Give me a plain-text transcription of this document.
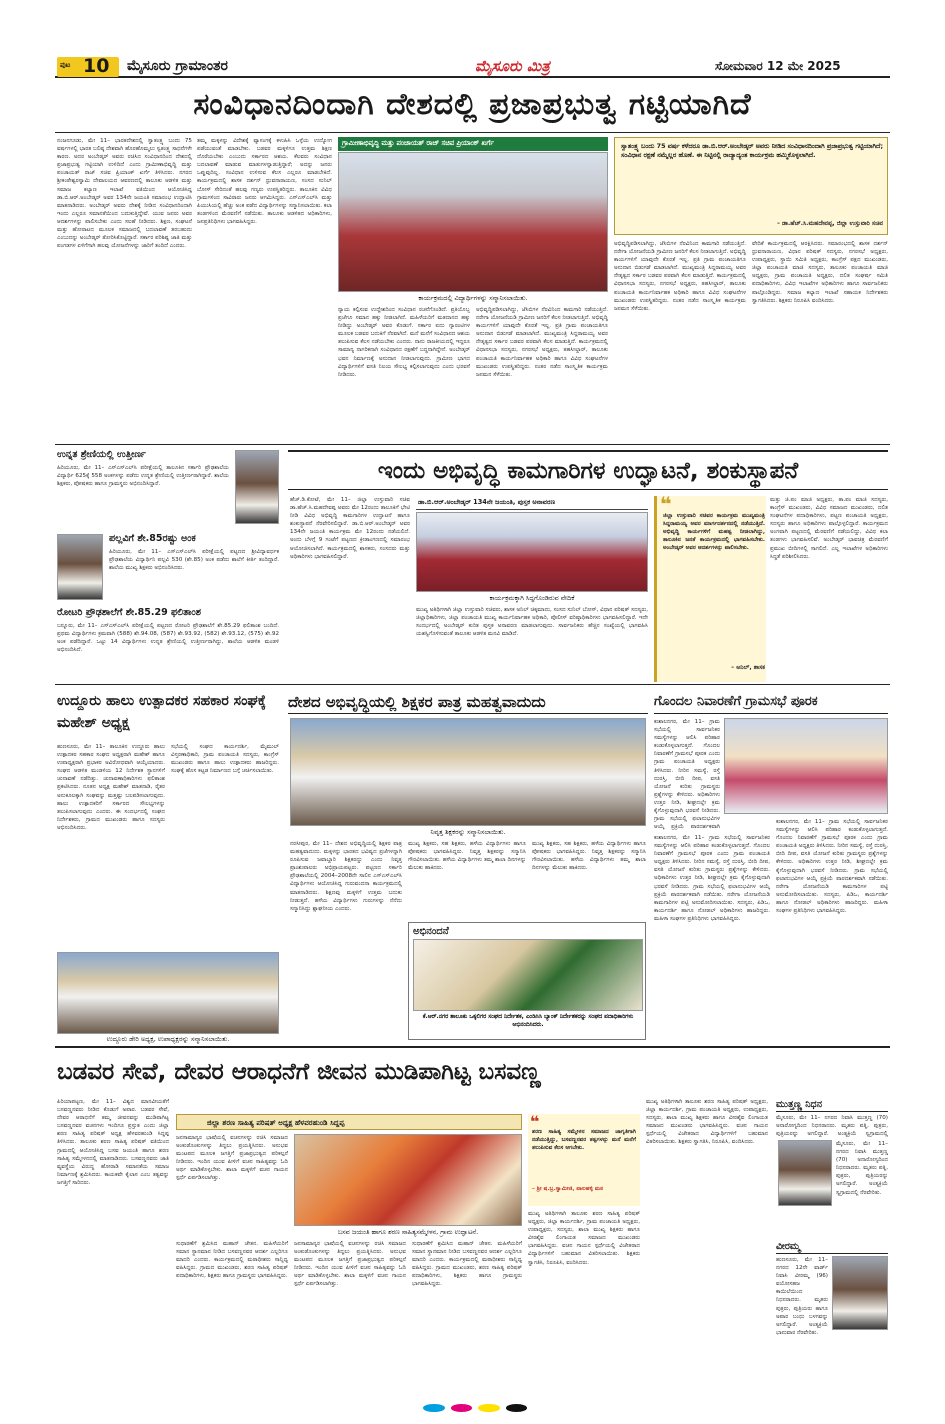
ಪುಟ 10 ಮೈಸೂರು ಗ್ರಾಮಾಂತರ	ಮೈಸೂರು ಮಿತ್ರ	ಸೋಮವಾರ 12 ಮೇ 2025
ಸಂವಿಧಾನದಿಂದಾಗಿ ದೇಶದಲ್ಲಿ ಪ್ರಜಾಪ್ರಭುತ್ವ ಗಟ್ಟಿಯಾಗಿದೆ
ನಂಜನಗೂಡು, ಮೇ 11– ಭಾರತದೇಶದಲ್ಲಿ ಸ್ವಾತಂತ್ರ್ಯ ಬಂದು 75 ವರ್ಷಗಳಲ್ಲಿ ಭಾರತ ಬಲಿಷ್ಠ ದೇಶವಾಗಿ ಹೊರಹೊಮ್ಮಲು ಸ್ವತಂತ್ರ್ಯ ಸಾಧನೆಗಳೇ ಕಾರಣ. ಅದರ ಅಂಬೇಡ್ಕರ್ ಅವರು ರಚಿಸಿದ ಸಂವಿಧಾನದಿಂದ ದೇಶದಲ್ಲಿ ಪ್ರಜಾಪ್ರಭುತ್ವ ಗಟ್ಟಿಯಾಗಿ ಉಳಿದಿದೆ ಎಂದು ಗ್ರಾಮೀಣಾಭಿವೃದ್ಧಿ ಮತ್ತು ಪಂಚಾಯತ್ ರಾಜ್ ಸಚಿವ ಪ್ರಿಯಾಂಕ್ ಖರ್ಗೆ ತಿಳಿಸಿದರು. ನಗರದ ಶ್ರೀಕಂಠೇಶ್ವರಸ್ವಾಮಿ ದೇವಾಲಯದ ಆವರಣದಲ್ಲಿ ತಾಲೂಕು ಆಡಳಿತ ಮತ್ತು ಸಮಾಜ ಕಲ್ಯಾಣ ಇಲಾಖೆ ವತಿಯಿಂದ ಆಯೋಜಿಸಿದ್ದ ಡಾ.ಬಿ.ಆರ್.ಅಂಬೇಡ್ಕರ್ ಅವರ 134ನೇ ಜಯಂತಿ ಸಮಾರಂಭ ಉದ್ಘಾಟಿಸಿ ಮಾತನಾಡಿದರು. ಅಂಬೇಡ್ಕರ್ ಅವರು ದೇಶಕ್ಕೆ ನೀಡಿದ ಸಂವಿಧಾನದಿಂದಾಗಿ ಇಂದು ಎಲ್ಲರೂ ಸಮಾನತೆಯಿಂದ ಬದುಕುತ್ತಿದ್ದೇವೆ. ಯುವ ಜನರು ಅವರ ಆದರ್ಶಗಳನ್ನು ಪಾಲಿಸಬೇಕು ಎಂದು ಸಲಹೆ ನೀಡಿದರು. ಶಿಕ್ಷಣ, ಸಂಘಟನೆ ಮತ್ತು ಹೋರಾಟದ ಮೂಲಕ ಸಮಾಜದಲ್ಲಿ ಬದಲಾವಣೆ ತರಬಹುದು ಎಂಬುದನ್ನು ಅಂಬೇಡ್ಕರ್ ತೋರಿಸಿಕೊಟ್ಟಿದ್ದಾರೆ. ಸರ್ಕಾರ ಪರಿಶಿಷ್ಟ ಜಾತಿ ಮತ್ತು ಪಂಗಡಗಳ ಏಳಿಗೆಗಾಗಿ ಹಲವು ಯೋಜನೆಗಳನ್ನು ಜಾರಿಗೆ ತಂದಿದೆ ಎಂದರು.
ತಮ್ಮ ಮಕ್ಕಳನ್ನು ವಿದೇಶಕ್ಕೆ ವ್ಯಾಸಂಗಕ್ಕೆ ಕಳುಹಿಸಿ ಒಳ್ಳೆಯ ಉದ್ಯೋಗ ಪಡೆಯುವಂತೆ ಮಾಡಬೇಕು. ಬಡವರ ಮಕ್ಕಳಿಗೂ ಉತ್ತಮ ಶಿಕ್ಷಣ ದೊರೆಯಬೇಕು ಎಂಬುದು ಸರ್ಕಾರದ ಆಶಯ. ಕೆಲವರು ಸಂವಿಧಾನ ಬದಲಾವಣೆ ಮಾಡುವ ಮಾತುಗಳನ್ನಾಡುತ್ತಿದ್ದಾರೆ; ಅದನ್ನು ಜನರು ಒಪ್ಪುವುದಿಲ್ಲ. ಸಂವಿಧಾನ ಉಳಿಸುವ ಕೆಲಸ ಎಲ್ಲರೂ ಮಾಡಬೇಕಿದೆ. ಕಾರ್ಯಕ್ರಮದಲ್ಲಿ ಶಾಸಕ ದರ್ಶನ್ ಧ್ರುವನಾರಾಯಣ, ಸಂಸದ ಸುನಿಲ್ ಬೋಸ್ ಸೇರಿದಂತೆ ಹಲವು ಗಣ್ಯರು ಉಪಸ್ಥಿತರಿದ್ದರು. ತಾಲೂಕಿನ ವಿವಿಧ ಗ್ರಾಮಗಳಿಂದ ಸಾವಿರಾರು ಜನರು ಆಗಮಿಸಿದ್ದರು. ಎಸ್ಎಸ್ಎಲ್‌ಸಿ ಮತ್ತು ಪಿಯುಸಿಯಲ್ಲಿ ಹೆಚ್ಚು ಅಂಕ ಪಡೆದ ವಿದ್ಯಾರ್ಥಿಗಳನ್ನು ಸನ್ಮಾನಿಸಲಾಯಿತು. ಕಲಾ ತಂಡಗಳಿಂದ ಮೆರವಣಿಗೆ ನಡೆಯಿತು. ತಾಲೂಕು ಆಡಳಿತದ ಅಧಿಕಾರಿಗಳು, ಜನಪ್ರತಿನಿಧಿಗಳು ಭಾಗವಹಿಸಿದ್ದರು.
ಗ್ರಾಮೀಣಾಭಿವೃದ್ಧಿ ಮತ್ತು ಪಂಚಾಯತ್ ರಾಜ್ ಸಚಿವ ಪ್ರಿಯಾಂಕ್ ಖರ್ಗೆ
ಕಾರ್ಯಕ್ರಮದಲ್ಲಿ ವಿದ್ಯಾರ್ಥಿಗಳನ್ನು ಸನ್ಮಾನಿಸಲಾಯಿತು.
ನ್ಯಾಯ ಕಲ್ಪಿಸುವ ಉದ್ದೇಶದಿಂದ ಸಂವಿಧಾನ ರಚನೆಗೊಂಡಿದೆ. ಪ್ರತಿಯೊಬ್ಬ ಪ್ರಜೆಗೂ ಸಮಾನ ಹಕ್ಕು ನೀಡಲಾಗಿದೆ. ಮಹಿಳೆಯರಿಗೆ ಮತದಾನದ ಹಕ್ಕು ನೀಡಿದ್ದು ಅಂಬೇಡ್ಕರ್ ಅವರ ಕೊಡುಗೆ. ಸರ್ಕಾರ ಐದು ಗ್ಯಾರಂಟಿಗಳ ಮೂಲಕ ಬಡವರ ಬದುಕಿಗೆ ನೆರವಾಗಿದೆ. ಮನೆ ಮನೆಗೆ ಸಂವಿಧಾನದ ಆಶಯ ತಲುಪಿಸುವ ಕೆಲಸ ನಡೆಯಬೇಕು ಎಂದರು. ನಾನು ರಾಜಕೀಯದಲ್ಲಿ ಇದ್ದರೂ ಸಾಮಾನ್ಯ ನಾಗರಿಕನಾಗಿ ಸಂವಿಧಾನದ ರಕ್ಷಣೆಗೆ ಬದ್ಧನಾಗಿದ್ದೇನೆ. ಅಂಬೇಡ್ಕರ್ ಭವನ ನಿರ್ಮಾಣಕ್ಕೆ ಅನುದಾನ ನೀಡಲಾಗುವುದು. ಗ್ರಾಮೀಣ ಭಾಗದ ವಿದ್ಯಾರ್ಥಿಗಳಿಗೆ ವಸತಿ ನಿಲಯ ಸೌಲಭ್ಯ ಕಲ್ಪಿಸಲಾಗುವುದು ಎಂದು ಭರವಸೆ ನೀಡಿದರು.
ಅಭಿವೃದ್ಧಿಪಡಿಸಲಾಗಿದ್ದು, ಜೆಸಿಬಿಗಳ ನೆರವಿನಿಂದ ಕಾಮಗಾರಿ ನಡೆಯುತ್ತಿದೆ. ನರೇಗಾ ಯೋಜನೆಯಡಿ ಗ್ರಾಮೀಣ ಜನರಿಗೆ ಕೆಲಸ ನೀಡಲಾಗುತ್ತಿದೆ. ಅಭಿವೃದ್ಧಿ ಕಾರ್ಯಗಳಿಗೆ ಯಾವುದೇ ಕೊರತೆ ಇಲ್ಲ. ಪ್ರತಿ ಗ್ರಾಮ ಪಂಚಾಯತಿಗೂ ಅನುದಾನ ಬಿಡುಗಡೆ ಮಾಡಲಾಗಿದೆ. ಮುಖ್ಯಮಂತ್ರಿ ಸಿದ್ದರಾಮಯ್ಯ ಅವರ ನೇತೃತ್ವದ ಸರ್ಕಾರ ಬಡವರ ಪರವಾಗಿ ಕೆಲಸ ಮಾಡುತ್ತಿದೆ. ಕಾರ್ಯಕ್ರಮದಲ್ಲಿ ವಿಧಾನಸಭಾ ಸದಸ್ಯರು, ನಗರಸಭೆ ಅಧ್ಯಕ್ಷರು, ತಹಸೀಲ್ದಾರ್, ತಾಲೂಕು ಪಂಚಾಯತಿ ಕಾರ್ಯನಿರ್ವಾಹಕ ಅಧಿಕಾರಿ ಹಾಗೂ ವಿವಿಧ ಸಂಘಟನೆಗಳ ಮುಖಂಡರು ಉಪಸ್ಥಿತರಿದ್ದರು. ನಂತರ ನಡೆದ ಸಾಂಸ್ಕೃತಿಕ ಕಾರ್ಯಕ್ರಮ ಜನಮನ ಸೆಳೆಯಿತು.
ಸ್ವಾತಂತ್ರ್ಯ ಬಂದು 75 ವರ್ಷ ಕಳೆದರೂ ಡಾ.ಬಿ.ಆರ್.ಅಂಬೇಡ್ಕರ್ ಅವರು ನೀಡಿದ ಸಂವಿಧಾನದಿಂದಾಗಿ ಪ್ರಜಾಪ್ರಭುತ್ವ ಗಟ್ಟಿಯಾಗಿದೆ; ಸಂವಿಧಾನ ರಕ್ಷಣೆ ನಮ್ಮೆಲ್ಲರ ಹೊಣೆ. ಈ ನಿಟ್ಟಿನಲ್ಲಿ ರಾಜ್ಯಾದ್ಯಂತ ಕಾರ್ಯಕ್ರಮ ಹಮ್ಮಿಕೊಳ್ಳಲಾಗಿದೆ.
– ಡಾ.ಹೆಚ್.ಸಿ.ಮಹದೇವಪ್ಪ, ಜಿಲ್ಲಾ ಉಸ್ತುವಾರಿ ಸಚಿವ
ಅಭಿವೃದ್ಧಿಪಡಿಸಲಾಗಿದ್ದು, ಜೆಸಿಬಿಗಳ ನೆರವಿನಿಂದ ಕಾಮಗಾರಿ ನಡೆಯುತ್ತಿದೆ. ನರೇಗಾ ಯೋಜನೆಯಡಿ ಗ್ರಾಮೀಣ ಜನರಿಗೆ ಕೆಲಸ ನೀಡಲಾಗುತ್ತಿದೆ. ಅಭಿವೃದ್ಧಿ ಕಾರ್ಯಗಳಿಗೆ ಯಾವುದೇ ಕೊರತೆ ಇಲ್ಲ. ಪ್ರತಿ ಗ್ರಾಮ ಪಂಚಾಯತಿಗೂ ಅನುದಾನ ಬಿಡುಗಡೆ ಮಾಡಲಾಗಿದೆ. ಮುಖ್ಯಮಂತ್ರಿ ಸಿದ್ದರಾಮಯ್ಯ ಅವರ ನೇತೃತ್ವದ ಸರ್ಕಾರ ಬಡವರ ಪರವಾಗಿ ಕೆಲಸ ಮಾಡುತ್ತಿದೆ. ಕಾರ್ಯಕ್ರಮದಲ್ಲಿ ವಿಧಾನಸಭಾ ಸದಸ್ಯರು, ನಗರಸಭೆ ಅಧ್ಯಕ್ಷರು, ತಹಸೀಲ್ದಾರ್, ತಾಲೂಕು ಪಂಚಾಯತಿ ಕಾರ್ಯನಿರ್ವಾಹಕ ಅಧಿಕಾರಿ ಹಾಗೂ ವಿವಿಧ ಸಂಘಟನೆಗಳ ಮುಖಂಡರು ಉಪಸ್ಥಿತರಿದ್ದರು. ನಂತರ ನಡೆದ ಸಾಂಸ್ಕೃತಿಕ ಕಾರ್ಯಕ್ರಮ ಜನಮನ ಸೆಳೆಯಿತು.
ವೇದಿಕೆ ಕಾರ್ಯಕ್ರಮದಲ್ಲಿ ಆರಕ್ಷಿಸಿದರು. ಸಮಾರಂಭದಲ್ಲಿ ಶಾಸಕ ದರ್ಶನ್ ಧ್ರುವನಾರಾಯಣ, ವಿಧಾನ ಪರಿಷತ್ ಸದಸ್ಯರು, ನಗರಸಭೆ ಅಧ್ಯಕ್ಷರು, ಉಪಾಧ್ಯಕ್ಷರು, ಸ್ಥಾಯಿ ಸಮಿತಿ ಅಧ್ಯಕ್ಷರು, ಕಾಂಗ್ರೆಸ್ ಪಕ್ಷದ ಮುಖಂಡರು, ಜಿಲ್ಲಾ ಪಂಚಾಯತಿ ಮಾಜಿ ಸದಸ್ಯರು, ತಾಲೂಕು ಪಂಚಾಯತಿ ಮಾಜಿ ಅಧ್ಯಕ್ಷರು, ಗ್ರಾಮ ಪಂಚಾಯತಿ ಅಧ್ಯಕ್ಷರು, ದಲಿತ ಸಂಘರ್ಷ ಸಮಿತಿ ಪದಾಧಿಕಾರಿಗಳು, ವಿವಿಧ ಇಲಾಖೆಗಳ ಅಧಿಕಾರಿಗಳು ಹಾಗೂ ಸಾರ್ವಜನಿಕರು ಪಾಲ್ಗೊಂಡಿದ್ದರು. ಸಮಾಜ ಕಲ್ಯಾಣ ಇಲಾಖೆ ಸಹಾಯಕ ನಿರ್ದೇಶಕರು ಸ್ವಾಗತಿಸಿದರು. ಶಿಕ್ಷಕರು ನಿರೂಪಿಸಿ ವಂದಿಸಿದರು.
ಉನ್ನತ ಶ್ರೇಣಿಯಲ್ಲಿ ಉತ್ತೀರ್ಣ
ಹಿರಿಯೂರು, ಮೇ 11– ಎಸ್ಎಸ್ಎಲ್‌ಸಿ ಪರೀಕ್ಷೆಯಲ್ಲಿ ತಾಲೂಕಿನ ಸರ್ಕಾರಿ ಪ್ರೌಢಶಾಲೆಯ ವಿದ್ಯಾರ್ಥಿ 625ಕ್ಕೆ 558 ಅಂಕಗಳನ್ನು ಪಡೆದು ಉನ್ನತ ಶ್ರೇಣಿಯಲ್ಲಿ ಉತ್ತೀರ್ಣರಾಗಿದ್ದಾರೆ. ಶಾಲೆಯ ಶಿಕ್ಷಕರು, ಪೋಷಕರು ಹಾಗೂ ಗ್ರಾಮಸ್ಥರು ಅಭಿನಂದಿಸಿದ್ದಾರೆ.
ಪಲ್ಲವಿಗೆ ಶೇ.85ರಷ್ಟು ಅಂಕ
ಹಿರಿಯೂರು, ಮೇ 11– ಎಸ್ಎಸ್ಎಲ್‌ಸಿ ಪರೀಕ್ಷೆಯಲ್ಲಿ ಪಟ್ಟಣದ ಶ್ರೀವಿದ್ಯಾವರ್ಧಕ ಪ್ರೌಢಶಾಲೆಯ ವಿದ್ಯಾರ್ಥಿನಿ ಪಲ್ಲವಿ 530 (ಶೇ.85) ಅಂಕ ಪಡೆದು ಶಾಲೆಗೆ ಕೀರ್ತಿ ತಂದಿದ್ದಾರೆ. ಶಾಲೆಯ ಮುಖ್ಯ ಶಿಕ್ಷಕರು ಅಭಿನಂದಿಸಿದರು.
ರೋಟರಿ ಪ್ರೌಢಶಾಲೆಗೆ ಶೇ.85.29 ಫಲಿತಾಂಶ
ಬನ್ನೂರು, ಮೇ 11– ಎಸ್ಎಸ್ಎಲ್‌ಸಿ ಪರೀಕ್ಷೆಯಲ್ಲಿ ಪಟ್ಟಣದ ರೋಟರಿ ಪ್ರೌಢಶಾಲೆಗೆ ಶೇ.85.29 ಫಲಿತಾಂಶ ಬಂದಿದೆ. ಪ್ರಥಮ ವಿದ್ಯಾರ್ಥಿಗಳು ಕ್ರಮವಾಗಿ (588) ಶೇ.94.08, (587) ಶೇ.93.92, (582) ಶೇ.93.12, (575) ಶೇ.92 ಅಂಕ ಪಡೆದಿದ್ದಾರೆ. ಒಟ್ಟು 14 ವಿದ್ಯಾರ್ಥಿಗಳು ಉನ್ನತ ಶ್ರೇಣಿಯಲ್ಲಿ ಉತ್ತೀರ್ಣರಾಗಿದ್ದು, ಶಾಲೆಯ ಆಡಳಿತ ಮಂಡಳಿ ಅಭಿನಂದಿಸಿದೆ.
ಇಂದು ಅಭಿವೃದ್ಧಿ ಕಾಮಗಾರಿಗಳ ಉದ್ಘಾಟನೆ, ಶಂಕುಸ್ಥಾಪನೆ
ಹೆಚ್.ಡಿ.ಕೋಟೆ, ಮೇ 11– ಜಿಲ್ಲಾ ಉಸ್ತುವಾರಿ ಸಚಿವ ಡಾ.ಹೆಚ್.ಸಿ.ಮಹದೇವಪ್ಪ ಅವರು ಮೇ 12ರಂದು ತಾಲೂಕಿಗೆ ಭೇಟಿ ನೀಡಿ ವಿವಿಧ ಅಭಿವೃದ್ಧಿ ಕಾಮಗಾರಿಗಳ ಉದ್ಘಾಟನೆ ಹಾಗೂ ಶಂಕುಸ್ಥಾಪನೆ ನೆರವೇರಿಸಲಿದ್ದಾರೆ. ಡಾ.ಬಿ.ಆರ್.ಅಂಬೇಡ್ಕರ್ ಅವರ 134ನೇ ಜಯಂತಿ ಕಾರ್ಯಕ್ರಮ ಮೇ 12ರಂದು ನಡೆಯಲಿದೆ. ಅಂದು ಬೆಳಗ್ಗೆ 9 ಗಂಟೆಗೆ ಪಟ್ಟಣದ ಕ್ರೀಡಾಂಗಣದಲ್ಲಿ ಸಮಾರಂಭ ಆಯೋಜಿಸಲಾಗಿದೆ. ಕಾರ್ಯಕ್ರಮದಲ್ಲಿ ಶಾಸಕರು, ಸಂಸದರು ಮತ್ತು ಅಧಿಕಾರಿಗಳು ಭಾಗವಹಿಸಲಿದ್ದಾರೆ.
ಡಾ.ಬಿ.ಆರ್.ಅಂಬೇಡ್ಕರ್ 134ನೇ ಜಯಂತಿ, ಪುಸ್ತಕ ಅನಾವರಣ
ಕಾರ್ಯಕ್ರಮಕ್ಕಾಗಿ ಸಿದ್ಧಗೊಂಡಿರುವ ವೇದಿಕೆ
ಮುಖ್ಯ ಅತಿಥಿಗಳಾಗಿ ಜಿಲ್ಲಾ ಉಸ್ತುವಾರಿ ಸಚಿವರು, ಶಾಸಕ ಅನಿಲ್ ಚಿಕ್ಕಮಾದು, ಸಂಸದ ಸುನಿಲ್ ಬೋಸ್, ವಿಧಾನ ಪರಿಷತ್ ಸದಸ್ಯರು, ಜಿಲ್ಲಾಧಿಕಾರಿಗಳು, ಜಿಲ್ಲಾ ಪಂಚಾಯತಿ ಮುಖ್ಯ ಕಾರ್ಯನಿರ್ವಾಹಕ ಅಧಿಕಾರಿ, ಪೊಲೀಸ್ ವರಿಷ್ಠಾಧಿಕಾರಿಗಳು ಭಾಗವಹಿಸಲಿದ್ದಾರೆ. ಇದೇ ಸಂದರ್ಭದಲ್ಲಿ ಅಂಬೇಡ್ಕರ್ ಕುರಿತ ಪುಸ್ತಕ ಅನಾವರಣ ಮಾಡಲಾಗುವುದು. ಸಾರ್ವಜನಿಕರು ಹೆಚ್ಚಿನ ಸಂಖ್ಯೆಯಲ್ಲಿ ಭಾಗವಹಿಸಿ ಯಶಸ್ವಿಗೊಳಿಸುವಂತೆ ತಾಲೂಕು ಆಡಳಿತ ಮನವಿ ಮಾಡಿದೆ.
❝
ಜಿಲ್ಲಾ ಉಸ್ತುವಾರಿ ಸಚಿವರ ಕಾರ್ಯಕ್ರಮ ಮುಖ್ಯಮಂತ್ರಿ ಸಿದ್ದರಾಮಯ್ಯ ಅವರ ಮಾರ್ಗದರ್ಶನದಲ್ಲಿ ನಡೆಯುತ್ತಿದೆ. ಅಭಿವೃದ್ಧಿ ಕಾರ್ಯಗಳಿಗೆ ಮಹತ್ವ ನೀಡಲಾಗಿದ್ದು, ತಾಲೂಕಿನ ಜನತೆ ಕಾರ್ಯಕ್ರಮದಲ್ಲಿ ಭಾಗವಹಿಸಬೇಕು. ಅಂಬೇಡ್ಕರ್ ಅವರ ಆದರ್ಶಗಳನ್ನು ಪಾಲಿಸಬೇಕು.
– ಅನಿಲ್, ಶಾಸಕ
ಮತ್ತು ಜಿ.ಪಂ ಮಾಜಿ ಅಧ್ಯಕ್ಷರು, ತಾ.ಪಂ ಮಾಜಿ ಸದಸ್ಯರು, ಕಾಂಗ್ರೆಸ್ ಮುಖಂಡರು, ವಿವಿಧ ಸಮಾಜದ ಮುಖಂಡರು, ದಲಿತ ಸಂಘಟನೆಗಳ ಪದಾಧಿಕಾರಿಗಳು, ಪಟ್ಟಣ ಪಂಚಾಯತಿ ಅಧ್ಯಕ್ಷರು, ಸದಸ್ಯರು ಹಾಗೂ ಅಧಿಕಾರಿಗಳು ಪಾಲ್ಗೊಳ್ಳಲಿದ್ದಾರೆ. ಕಾರ್ಯಕ್ರಮದ ಅಂಗವಾಗಿ ಪಟ್ಟಣದಲ್ಲಿ ಮೆರವಣಿಗೆ ನಡೆಯಲಿದ್ದು, ವಿವಿಧ ಕಲಾ ತಂಡಗಳು ಭಾಗವಹಿಸಲಿವೆ. ಅಂಬೇಡ್ಕರ್ ಭಾವಚಿತ್ರ ಮೆರವಣಿಗೆ ಪ್ರಮುಖ ಬೀದಿಗಳಲ್ಲಿ ಸಾಗಲಿದೆ. ಎಲ್ಲ ಇಲಾಖೆಗಳ ಅಧಿಕಾರಿಗಳು ಸಿದ್ಧತೆ ಪರಿಶೀಲಿಸಿದರು.
ಉದ್ದೂರು ಹಾಲು ಉತ್ಪಾದಕರ ಸಹಕಾರ ಸಂಘಕ್ಕೆ ಮಹೇಶ್ ಅಧ್ಯಕ್ಷ
ಹುಣಸೂರು, ಮೇ 11– ತಾಲೂಕಿನ ಉದ್ದೂರು ಹಾಲು ಉತ್ಪಾದಕರ ಸಹಕಾರ ಸಂಘದ ಅಧ್ಯಕ್ಷರಾಗಿ ಮಹೇಶ್ ಹಾಗೂ ಉಪಾಧ್ಯಕ್ಷರಾಗಿ ಪ್ರಭಾಕರ ಅವಿರೋಧವಾಗಿ ಆಯ್ಕೆಯಾದರು. ಸಂಘದ ಆಡಳಿತ ಮಂಡಳಿಯ 12 ನಿರ್ದೇಶಕ ಸ್ಥಾನಗಳಿಗೆ ಚುನಾವಣೆ ನಡೆದಿತ್ತು. ಚುನಾವಣಾಧಿಕಾರಿಗಳು ಫಲಿತಾಂಶ ಪ್ರಕಟಿಸಿದರು. ನೂತನ ಅಧ್ಯಕ್ಷ ಮಹೇಶ್ ಮಾತನಾಡಿ, ರೈತರ ಅನುಕೂಲಕ್ಕಾಗಿ ಸಂಘವನ್ನು ಮತ್ತಷ್ಟು ಬಲಪಡಿಸಲಾಗುವುದು. ಹಾಲು ಉತ್ಪಾದಕರಿಗೆ ಸರ್ಕಾರದ ಸೌಲಭ್ಯಗಳನ್ನು ತಲುಪಿಸಲಾಗುವುದು ಎಂದರು. ಈ ಸಂದರ್ಭದಲ್ಲಿ ಸಂಘದ ನಿರ್ದೇಶಕರು, ಗ್ರಾಮದ ಮುಖಂಡರು ಹಾಗೂ ಸದಸ್ಯರು ಅಭಿನಂದಿಸಿದರು.
ಸಭೆಯಲ್ಲಿ ಸಂಘದ ಕಾರ್ಯದರ್ಶಿ, ಮೈಮುಲ್ ವಿಸ್ತರಣಾಧಿಕಾರಿ, ಗ್ರಾಮ ಪಂಚಾಯತಿ ಸದಸ್ಯರು, ಕಾಂಗ್ರೆಸ್ ಮುಖಂಡರು ಹಾಗೂ ಹಾಲು ಉತ್ಪಾದಕರು ಹಾಜರಿದ್ದರು. ಸಂಘಕ್ಕೆ ಹೊಸ ಕಟ್ಟಡ ನಿರ್ಮಾಣದ ಬಗ್ಗೆ ಚರ್ಚಿಸಲಾಯಿತು.
ಉದ್ದೂರು ಡೇರಿ ಅಧ್ಯಕ್ಷ, ಉಪಾಧ್ಯಕ್ಷರನ್ನು ಸನ್ಮಾನಿಸಲಾಯಿತು.
ದೇಶದ ಅಭಿವೃದ್ಧಿಯಲ್ಲಿ ಶಿಕ್ಷಕರ ಪಾತ್ರ ಮಹತ್ವವಾದುದು
ನಿವೃತ್ತ ಶಿಕ್ಷಕರನ್ನು ಸನ್ಮಾನಿಸಲಾಯಿತು.
ನರಸೀಪುರ, ಮೇ 11– ದೇಶದ ಅಭಿವೃದ್ಧಿಯಲ್ಲಿ ಶಿಕ್ಷಕರ ಪಾತ್ರ ಮಹತ್ವವಾದುದು. ಮಕ್ಕಳನ್ನು ಭಾರತದ ಭವಿಷ್ಯದ ಪ್ರಜೆಗಳನ್ನಾಗಿ ರೂಪಿಸುವ ಜವಾಬ್ದಾರಿ ಶಿಕ್ಷಕರದ್ದು ಎಂದು ನಿವೃತ್ತ ಪ್ರಾಂಶುಪಾಲರು ಅಭಿಪ್ರಾಯಪಟ್ಟರು. ಪಟ್ಟಣದ ಸರ್ಕಾರಿ ಪ್ರೌಢಶಾಲೆಯಲ್ಲಿ 2004–2008ನೇ ಸಾಲಿನ ಎಸ್ಎಸ್ಎಲ್‌ಸಿ ವಿದ್ಯಾರ್ಥಿಗಳು ಆಯೋಜಿಸಿದ್ದ ಗುರುವಂದನಾ ಕಾರ್ಯಕ್ರಮದಲ್ಲಿ ಮಾತನಾಡಿದರು. ಶಿಕ್ಷಣವು ಮಕ್ಕಳಿಗೆ ಉತ್ತಮ ಬದುಕು ನೀಡುತ್ತದೆ. ಹಳೆಯ ವಿದ್ಯಾರ್ಥಿಗಳು ಗುರುಗಳನ್ನು ನೆನೆದು ಸನ್ಮಾನಿಸಿದ್ದು ಶ್ಲಾಘನೀಯ ಎಂದರು.
ಮುಖ್ಯ ಶಿಕ್ಷಕರು, ಸಹ ಶಿಕ್ಷಕರು, ಹಳೆಯ ವಿದ್ಯಾರ್ಥಿಗಳು ಹಾಗೂ ಪೋಷಕರು ಭಾಗವಹಿಸಿದ್ದರು. ನಿವೃತ್ತ ಶಿಕ್ಷಕರನ್ನು ಸನ್ಮಾನಿಸಿ ಗೌರವಿಸಲಾಯಿತು. ಹಳೆಯ ವಿದ್ಯಾರ್ಥಿಗಳು ತಮ್ಮ ಶಾಲಾ ದಿನಗಳನ್ನು ಮೆಲುಕು ಹಾಕಿದರು.
ಮುಖ್ಯ ಶಿಕ್ಷಕರು, ಸಹ ಶಿಕ್ಷಕರು, ಹಳೆಯ ವಿದ್ಯಾರ್ಥಿಗಳು ಹಾಗೂ ಪೋಷಕರು ಭಾಗವಹಿಸಿದ್ದರು. ನಿವೃತ್ತ ಶಿಕ್ಷಕರನ್ನು ಸನ್ಮಾನಿಸಿ ಗೌರವಿಸಲಾಯಿತು. ಹಳೆಯ ವಿದ್ಯಾರ್ಥಿಗಳು ತಮ್ಮ ಶಾಲಾ ದಿನಗಳನ್ನು ಮೆಲುಕು ಹಾಕಿದರು.
ಅಭಿನಂದನೆ
ಕೆ.ಆರ್.ನಗರ ತಾಲೂಕು ಒಕ್ಕಲಿಗರ ಸಂಘದ ನಿರ್ದೇಶಕ, ಎಂಡಿಸಿಸಿ ಬ್ಯಾಂಕ್ ನಿರ್ದೇಶಕರನ್ನು ಸಂಘದ ಪದಾಧಿಕಾರಿಗಳು ಅಭಿನಂದಿಸಿದರು.
ಗೊಂದಲ ನಿವಾರಣೆಗೆ ಗ್ರಾಮಸಭೆ ಪೂರಕ
ಕುಶಾಲನಗರ, ಮೇ 11– ಗ್ರಾಮ ಸಭೆಯಲ್ಲಿ ಸಾರ್ವಜನಿಕರ ಸಮಸ್ಯೆಗಳನ್ನು ಆಲಿಸಿ ಪರಿಹಾರ ಕಂಡುಕೊಳ್ಳಲಾಗುತ್ತದೆ. ಗೊಂದಲ ನಿವಾರಣೆಗೆ ಗ್ರಾಮಸಭೆ ಪೂರಕ ಎಂದು ಗ್ರಾಮ ಪಂಚಾಯತಿ ಅಧ್ಯಕ್ಷರು ತಿಳಿಸಿದರು. ನೀರಿನ ಸಮಸ್ಯೆ, ರಸ್ತೆ ದುರಸ್ತಿ, ಬೀದಿ ದೀಪ, ವಸತಿ ಯೋಜನೆ ಕುರಿತು ಗ್ರಾಮಸ್ಥರು ಪ್ರಶ್ನೆಗಳನ್ನು ಕೇಳಿದರು. ಅಧಿಕಾರಿಗಳು ಉತ್ತರ ನೀಡಿ, ಶೀಘ್ರದಲ್ಲೇ ಕ್ರಮ ಕೈಗೊಳ್ಳುವುದಾಗಿ ಭರವಸೆ ನೀಡಿದರು. ಗ್ರಾಮ ಸಭೆಯಲ್ಲಿ ಫಲಾನುಭವಿಗಳ ಆಯ್ಕೆ ಪ್ರಕ್ರಿಯೆ ಪಾರದರ್ಶಕವಾಗಿ
ಕುಶಾಲನಗರ, ಮೇ 11– ಗ್ರಾಮ ಸಭೆಯಲ್ಲಿ ಸಾರ್ವಜನಿಕರ ಸಮಸ್ಯೆಗಳನ್ನು ಆಲಿಸಿ ಪರಿಹಾರ ಕಂಡುಕೊಳ್ಳಲಾಗುತ್ತದೆ. ಗೊಂದಲ ನಿವಾರಣೆಗೆ ಗ್ರಾಮಸಭೆ ಪೂರಕ ಎಂದು ಗ್ರಾಮ ಪಂಚಾಯತಿ ಅಧ್ಯಕ್ಷರು ತಿಳಿಸಿದರು. ನೀರಿನ ಸಮಸ್ಯೆ, ರಸ್ತೆ ದುರಸ್ತಿ, ಬೀದಿ ದೀಪ, ವಸತಿ ಯೋಜನೆ ಕುರಿತು ಗ್ರಾಮಸ್ಥರು ಪ್ರಶ್ನೆಗಳನ್ನು ಕೇಳಿದರು. ಅಧಿಕಾರಿಗಳು ಉತ್ತರ ನೀಡಿ, ಶೀಘ್ರದಲ್ಲೇ ಕ್ರಮ ಕೈಗೊಳ್ಳುವುದಾಗಿ ಭರವಸೆ ನೀಡಿದರು. ಗ್ರಾಮ ಸಭೆಯಲ್ಲಿ ಫಲಾನುಭವಿಗಳ ಆಯ್ಕೆ ಪ್ರಕ್ರಿಯೆ ಪಾರದರ್ಶಕವಾಗಿ ನಡೆಯಿತು. ನರೇಗಾ ಯೋಜನೆಯಡಿ ಕಾಮಗಾರಿಗಳ ಪಟ್ಟಿ ಅನುಮೋದಿಸಲಾಯಿತು. ಸದಸ್ಯರು, ಪಿಡಿಒ, ಕಾರ್ಯದರ್ಶಿ ಹಾಗೂ ನೋಡಲ್ ಅಧಿಕಾರಿಗಳು ಹಾಜರಿದ್ದರು. ಮಹಿಳಾ ಸಂಘಗಳ ಪ್ರತಿನಿಧಿಗಳು ಭಾಗವಹಿಸಿದ್ದರು.
ಕುಶಾಲನಗರ, ಮೇ 11– ಗ್ರಾಮ ಸಭೆಯಲ್ಲಿ ಸಾರ್ವಜನಿಕರ ಸಮಸ್ಯೆಗಳನ್ನು ಆಲಿಸಿ ಪರಿಹಾರ ಕಂಡುಕೊಳ್ಳಲಾಗುತ್ತದೆ. ಗೊಂದಲ ನಿವಾರಣೆಗೆ ಗ್ರಾಮಸಭೆ ಪೂರಕ ಎಂದು ಗ್ರಾಮ ಪಂಚಾಯತಿ ಅಧ್ಯಕ್ಷರು ತಿಳಿಸಿದರು. ನೀರಿನ ಸಮಸ್ಯೆ, ರಸ್ತೆ ದುರಸ್ತಿ, ಬೀದಿ ದೀಪ, ವಸತಿ ಯೋಜನೆ ಕುರಿತು ಗ್ರಾಮಸ್ಥರು ಪ್ರಶ್ನೆಗಳನ್ನು ಕೇಳಿದರು. ಅಧಿಕಾರಿಗಳು ಉತ್ತರ ನೀಡಿ, ಶೀಘ್ರದಲ್ಲೇ ಕ್ರಮ ಕೈಗೊಳ್ಳುವುದಾಗಿ ಭರವಸೆ ನೀಡಿದರು. ಗ್ರಾಮ ಸಭೆಯಲ್ಲಿ ಫಲಾನುಭವಿಗಳ ಆಯ್ಕೆ ಪ್ರಕ್ರಿಯೆ ಪಾರದರ್ಶಕವಾಗಿ ನಡೆಯಿತು. ನರೇಗಾ ಯೋಜನೆಯಡಿ ಕಾಮಗಾರಿಗಳ ಪಟ್ಟಿ ಅನುಮೋದಿಸಲಾಯಿತು. ಸದಸ್ಯರು, ಪಿಡಿಒ, ಕಾರ್ಯದರ್ಶಿ ಹಾಗೂ ನೋಡಲ್ ಅಧಿಕಾರಿಗಳು ಹಾಜರಿದ್ದರು. ಮಹಿಳಾ ಸಂಘಗಳ ಪ್ರತಿನಿಧಿಗಳು ಭಾಗವಹಿಸಿದ್ದರು.
ಬಡವರ ಸೇವೆ, ದೇವರ ಆರಾಧನೆಗೆ ಜೀವನ ಮುಡಿಪಾಗಿಟ್ಟ ಬಸವಣ್ಣ
ಪಿರಿಯಾಪಟ್ಟಣ, ಮೇ 11– ವಿಶ್ವದ ಮಾನವೀಯತೆಗೆ ಬಸವಣ್ಣನವರು ನೀಡಿದ ಕೊಡುಗೆ ಅಪಾರ. ಬಡವರ ಸೇವೆ, ದೇವರ ಆರಾಧನೆಗೆ ತಮ್ಮ ಜೀವನವನ್ನು ಮುಡಿಪಾಗಿಟ್ಟ ಬಸವಣ್ಣನವರ ವಚನಗಳು ಇಂದಿಗೂ ಪ್ರಸ್ತುತ ಎಂದು ಜಿಲ್ಲಾ ಶರಣ ಸಾಹಿತ್ಯ ಪರಿಷತ್ ಅಧ್ಯಕ್ಷ ಹೆಳವರಹುಂಡಿ ಸಿದ್ದಪ್ಪ ತಿಳಿಸಿದರು. ತಾಲೂಕು ಶರಣ ಸಾಹಿತ್ಯ ಪರಿಷತ್ ವತಿಯಿಂದ ಗ್ರಾಮದಲ್ಲಿ ಆಯೋಜಿಸಿದ್ದ ಬಸವ ಜಯಂತಿ ಹಾಗೂ ಶರಣ ಸಾಹಿತ್ಯ ಸಮ್ಮೇಳನದಲ್ಲಿ ಮಾತನಾಡಿದರು. ಬಸವಣ್ಣನವರು ಜಾತಿ ವ್ಯವಸ್ಥೆಯ ವಿರುದ್ಧ ಹೋರಾಡಿ ಸಮಾನತೆಯ ಸಮಾಜ ನಿರ್ಮಾಣಕ್ಕೆ ಶ್ರಮಿಸಿದರು. ಕಾಯಕವೇ ಕೈಲಾಸ ಎಂಬ ತತ್ವವನ್ನು ಜಗತ್ತಿಗೆ ಸಾರಿದರು.
ಜಿಲ್ಲಾ ಶರಣ ಸಾಹಿತ್ಯ ಪರಿಷತ್ ಅಧ್ಯಕ್ಷ ಹೆಳವರಹುಂಡಿ ಸಿದ್ದಪ್ಪ
ಜನಸಾಮಾನ್ಯರ ಭಾಷೆಯಲ್ಲಿ ವಚನಗಳನ್ನು ರಚಿಸಿ ಸಮಾಜದ ಅಂಕುಡೊಂಕುಗಳನ್ನು ತಿದ್ದಲು ಪ್ರಯತ್ನಿಸಿದರು. ಅನುಭವ ಮಂಟಪದ ಮೂಲಕ ಜಗತ್ತಿಗೆ ಪ್ರಜಾಪ್ರಭುತ್ವದ ಪರಿಕಲ್ಪನೆ ನೀಡಿದರು. ಇಂದಿನ ಯುವ ಪೀಳಿಗೆ ವಚನ ಸಾಹಿತ್ಯವನ್ನು ಓದಿ ಅರ್ಥ ಮಾಡಿಕೊಳ್ಳಬೇಕು. ಶಾಲಾ ಮಕ್ಕಳಿಗೆ ವಚನ ಗಾಯನ ಸ್ಪರ್ಧೆ ಏರ್ಪಡಿಸಲಾಗಿತ್ತು.
ಬಸವ ಜಯಂತಿ ಹಾಗೂ ಶರಣ ಸಾಹಿತ್ಯಸಮ್ಮೇಳನ, ಗ್ರಾಮ ಉದ್ಘಾಟನೆ.
ಸುಧಾರಣೆಗೆ ಶ್ರಮಿಸಿದ ಮಹಾನ್ ಚೇತನ. ಮಹಿಳೆಯರಿಗೆ ಸಮಾನ ಸ್ಥಾನಮಾನ ನೀಡಿದ ಬಸವಣ್ಣನವರ ಆದರ್ಶ ಎಲ್ಲರಿಗೂ ಮಾದರಿ ಎಂದರು. ಕಾರ್ಯಕ್ರಮದಲ್ಲಿ ಮಠಾಧೀಶರು ಸಾನ್ನಿಧ್ಯ ವಹಿಸಿದ್ದರು. ಗ್ರಾಮದ ಮುಖಂಡರು, ಶರಣ ಸಾಹಿತ್ಯ ಪರಿಷತ್ ಪದಾಧಿಕಾರಿಗಳು, ಶಿಕ್ಷಕರು ಹಾಗೂ ಗ್ರಾಮಸ್ಥರು ಭಾಗವಹಿಸಿದ್ದರು.
ಜನಸಾಮಾನ್ಯರ ಭಾಷೆಯಲ್ಲಿ ವಚನಗಳನ್ನು ರಚಿಸಿ ಸಮಾಜದ ಅಂಕುಡೊಂಕುಗಳನ್ನು ತಿದ್ದಲು ಪ್ರಯತ್ನಿಸಿದರು. ಅನುಭವ ಮಂಟಪದ ಮೂಲಕ ಜಗತ್ತಿಗೆ ಪ್ರಜಾಪ್ರಭುತ್ವದ ಪರಿಕಲ್ಪನೆ ನೀಡಿದರು. ಇಂದಿನ ಯುವ ಪೀಳಿಗೆ ವಚನ ಸಾಹಿತ್ಯವನ್ನು ಓದಿ ಅರ್ಥ ಮಾಡಿಕೊಳ್ಳಬೇಕು. ಶಾಲಾ ಮಕ್ಕಳಿಗೆ ವಚನ ಗಾಯನ ಸ್ಪರ್ಧೆ ಏರ್ಪಡಿಸಲಾಗಿತ್ತು.
ಸುಧಾರಣೆಗೆ ಶ್ರಮಿಸಿದ ಮಹಾನ್ ಚೇತನ. ಮಹಿಳೆಯರಿಗೆ ಸಮಾನ ಸ್ಥಾನಮಾನ ನೀಡಿದ ಬಸವಣ್ಣನವರ ಆದರ್ಶ ಎಲ್ಲರಿಗೂ ಮಾದರಿ ಎಂದರು. ಕಾರ್ಯಕ್ರಮದಲ್ಲಿ ಮಠಾಧೀಶರು ಸಾನ್ನಿಧ್ಯ ವಹಿಸಿದ್ದರು. ಗ್ರಾಮದ ಮುಖಂಡರು, ಶರಣ ಸಾಹಿತ್ಯ ಪರಿಷತ್ ಪದಾಧಿಕಾರಿಗಳು, ಶಿಕ್ಷಕರು ಹಾಗೂ ಗ್ರಾಮಸ್ಥರು ಭಾಗವಹಿಸಿದ್ದರು.
❝
ಶರಣ ಸಾಹಿತ್ಯ ಸಮ್ಮೇಳನ ಸಮಾಜದ ಜಾಗೃತಿಗಾಗಿ ನಡೆಯುತ್ತಿದ್ದು, ಬಸವಣ್ಣನವರ ತತ್ವಗಳನ್ನು ಮನೆ ಮನೆಗೆ ತಲುಪಿಸುವ ಕೆಲಸ ಆಗಬೇಕು.
– ಶ್ರೀ ಷ.ಬ್ರ.ಸ್ವಾಮೀಜಿ, ಪಾಲಹಳ್ಳಿ ಮಠ
ಮುಖ್ಯ ಅತಿಥಿಗಳಾಗಿ ತಾಲೂಕು ಶರಣ ಸಾಹಿತ್ಯ ಪರಿಷತ್ ಅಧ್ಯಕ್ಷರು, ಜಿಲ್ಲಾ ಕಾರ್ಯದರ್ಶಿ, ಗ್ರಾಮ ಪಂಚಾಯತಿ ಅಧ್ಯಕ್ಷರು, ಉಪಾಧ್ಯಕ್ಷರು, ಸದಸ್ಯರು, ಶಾಲಾ ಮುಖ್ಯ ಶಿಕ್ಷಕರು ಹಾಗೂ ವೀರಶೈವ ಲಿಂಗಾಯತ ಸಮಾಜದ ಮುಖಂಡರು ಭಾಗವಹಿಸಿದ್ದರು. ವಚನ ಗಾಯನ ಸ್ಪರ್ಧೆಯಲ್ಲಿ ವಿಜೇತರಾದ ವಿದ್ಯಾರ್ಥಿಗಳಿಗೆ ಬಹುಮಾನ ವಿತರಿಸಲಾಯಿತು. ಶಿಕ್ಷಕರು ಸ್ವಾಗತಿಸಿ, ನಿರೂಪಿಸಿ, ವಂದಿಸಿದರು.
ಮುಖ್ಯ ಅತಿಥಿಗಳಾಗಿ ತಾಲೂಕು ಶರಣ ಸಾಹಿತ್ಯ ಪರಿಷತ್ ಅಧ್ಯಕ್ಷರು, ಜಿಲ್ಲಾ ಕಾರ್ಯದರ್ಶಿ, ಗ್ರಾಮ ಪಂಚಾಯತಿ ಅಧ್ಯಕ್ಷರು, ಉಪಾಧ್ಯಕ್ಷರು, ಸದಸ್ಯರು, ಶಾಲಾ ಮುಖ್ಯ ಶಿಕ್ಷಕರು ಹಾಗೂ ವೀರಶೈವ ಲಿಂಗಾಯತ ಸಮಾಜದ ಮುಖಂಡರು ಭಾಗವಹಿಸಿದ್ದರು. ವಚನ ಗಾಯನ ಸ್ಪರ್ಧೆಯಲ್ಲಿ ವಿಜೇತರಾದ ವಿದ್ಯಾರ್ಥಿಗಳಿಗೆ ಬಹುಮಾನ ವಿತರಿಸಲಾಯಿತು. ಶಿಕ್ಷಕರು ಸ್ವಾಗತಿಸಿ, ನಿರೂಪಿಸಿ, ವಂದಿಸಿದರು.
ಮುತ್ತಣ್ಣ ನಿಧನ
ಮೈಸೂರು, ಮೇ 11– ನಗರದ ನಿವಾಸಿ ಮುತ್ತಣ್ಣ (70) ಅನಾರೋಗ್ಯದಿಂದ ನಿಧನರಾದರು. ಮೃತರು ಪತ್ನಿ, ಪುತ್ರರು, ಪುತ್ರಿಯರನ್ನು ಅಗಲಿದ್ದಾರೆ. ಅಂತ್ಯಕ್ರಿಯೆ ಸ್ವಗ್ರಾಮದಲ್ಲಿ
ಮೈಸೂರು, ಮೇ 11– ನಗರದ ನಿವಾಸಿ ಮುತ್ತಣ್ಣ (70) ಅನಾರೋಗ್ಯದಿಂದ ನಿಧನರಾದರು. ಮೃತರು ಪತ್ನಿ, ಪುತ್ರರು, ಪುತ್ರಿಯರನ್ನು ಅಗಲಿದ್ದಾರೆ. ಅಂತ್ಯಕ್ರಿಯೆ ಸ್ವಗ್ರಾಮದಲ್ಲಿ ನೆರವೇರಿತು.
ವೀರಮ್ಮ
ಹುಣಸೂರು, ಮೇ 11– ನಗರದ 12ನೇ ವಾರ್ಡ್ ನಿವಾಸಿ ವೀರಮ್ಮ (96) ವಯೋಸಹಜ ಕಾಯಿಲೆಯಿಂದ ನಿಧನರಾದರು. ಮೃತರು ಪುತ್ರರು, ಪುತ್ರಿಯರು ಹಾಗೂ ಅಪಾರ ಬಂಧು ಬಳಗವನ್ನು ಅಗಲಿದ್ದಾರೆ. ಅಂತ್ಯಕ್ರಿಯೆ ಭಾನುವಾರ ನೆರವೇರಿತು.
